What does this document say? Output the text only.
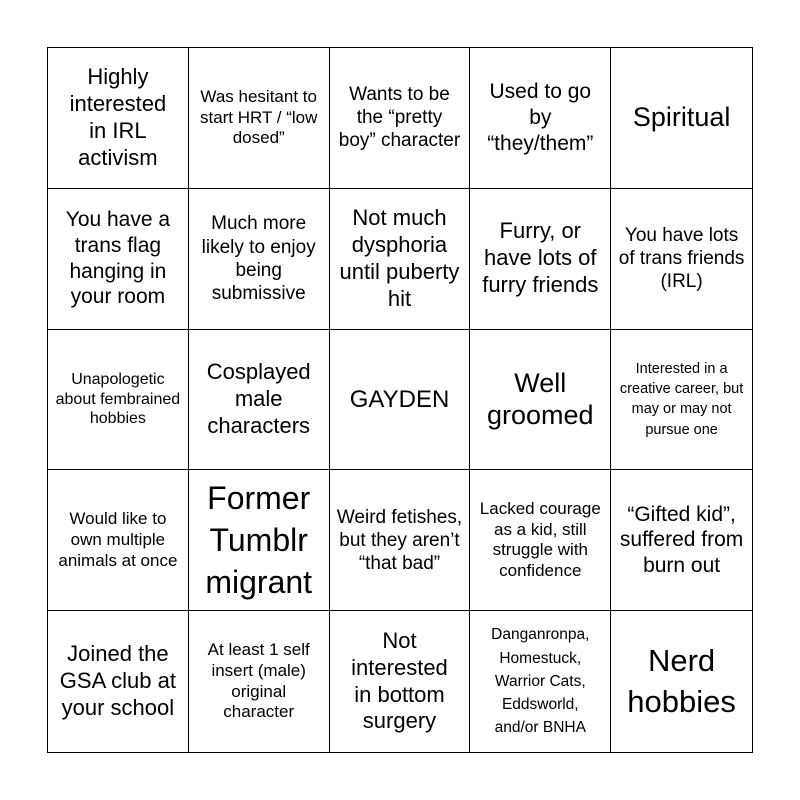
Highly interested in IRL activism
Was hesitant to start HRT / “low dosed”
Wants to be the “pretty boy” character
Used to go by “they/them”
Spiritual
You have a trans flag hanging in your room
Much more likely to enjoy being submissive
Not much dysphoria until puberty hit
Furry, or have lots of furry friends
You have lots of trans friends (IRL)
Unapologetic about fembrained hobbies
Cosplayed male characters
GAYDEN
Well groomed
Interested in a creative career, but may or may not pursue one
Would like to own multiple animals at once
Former Tumblr migrant
Weird fetishes, but they aren’t “that bad”
Lacked courage as a kid, still struggle with confidence
“Gifted kid”, suffered from burn out
Joined the GSA club at your school
At least 1 self insert (male) original character
Not interested in bottom surgery
Danganronpa, Homestuck, Warrior Cats, Eddsworld, and/or BNHA
Nerd hobbies
